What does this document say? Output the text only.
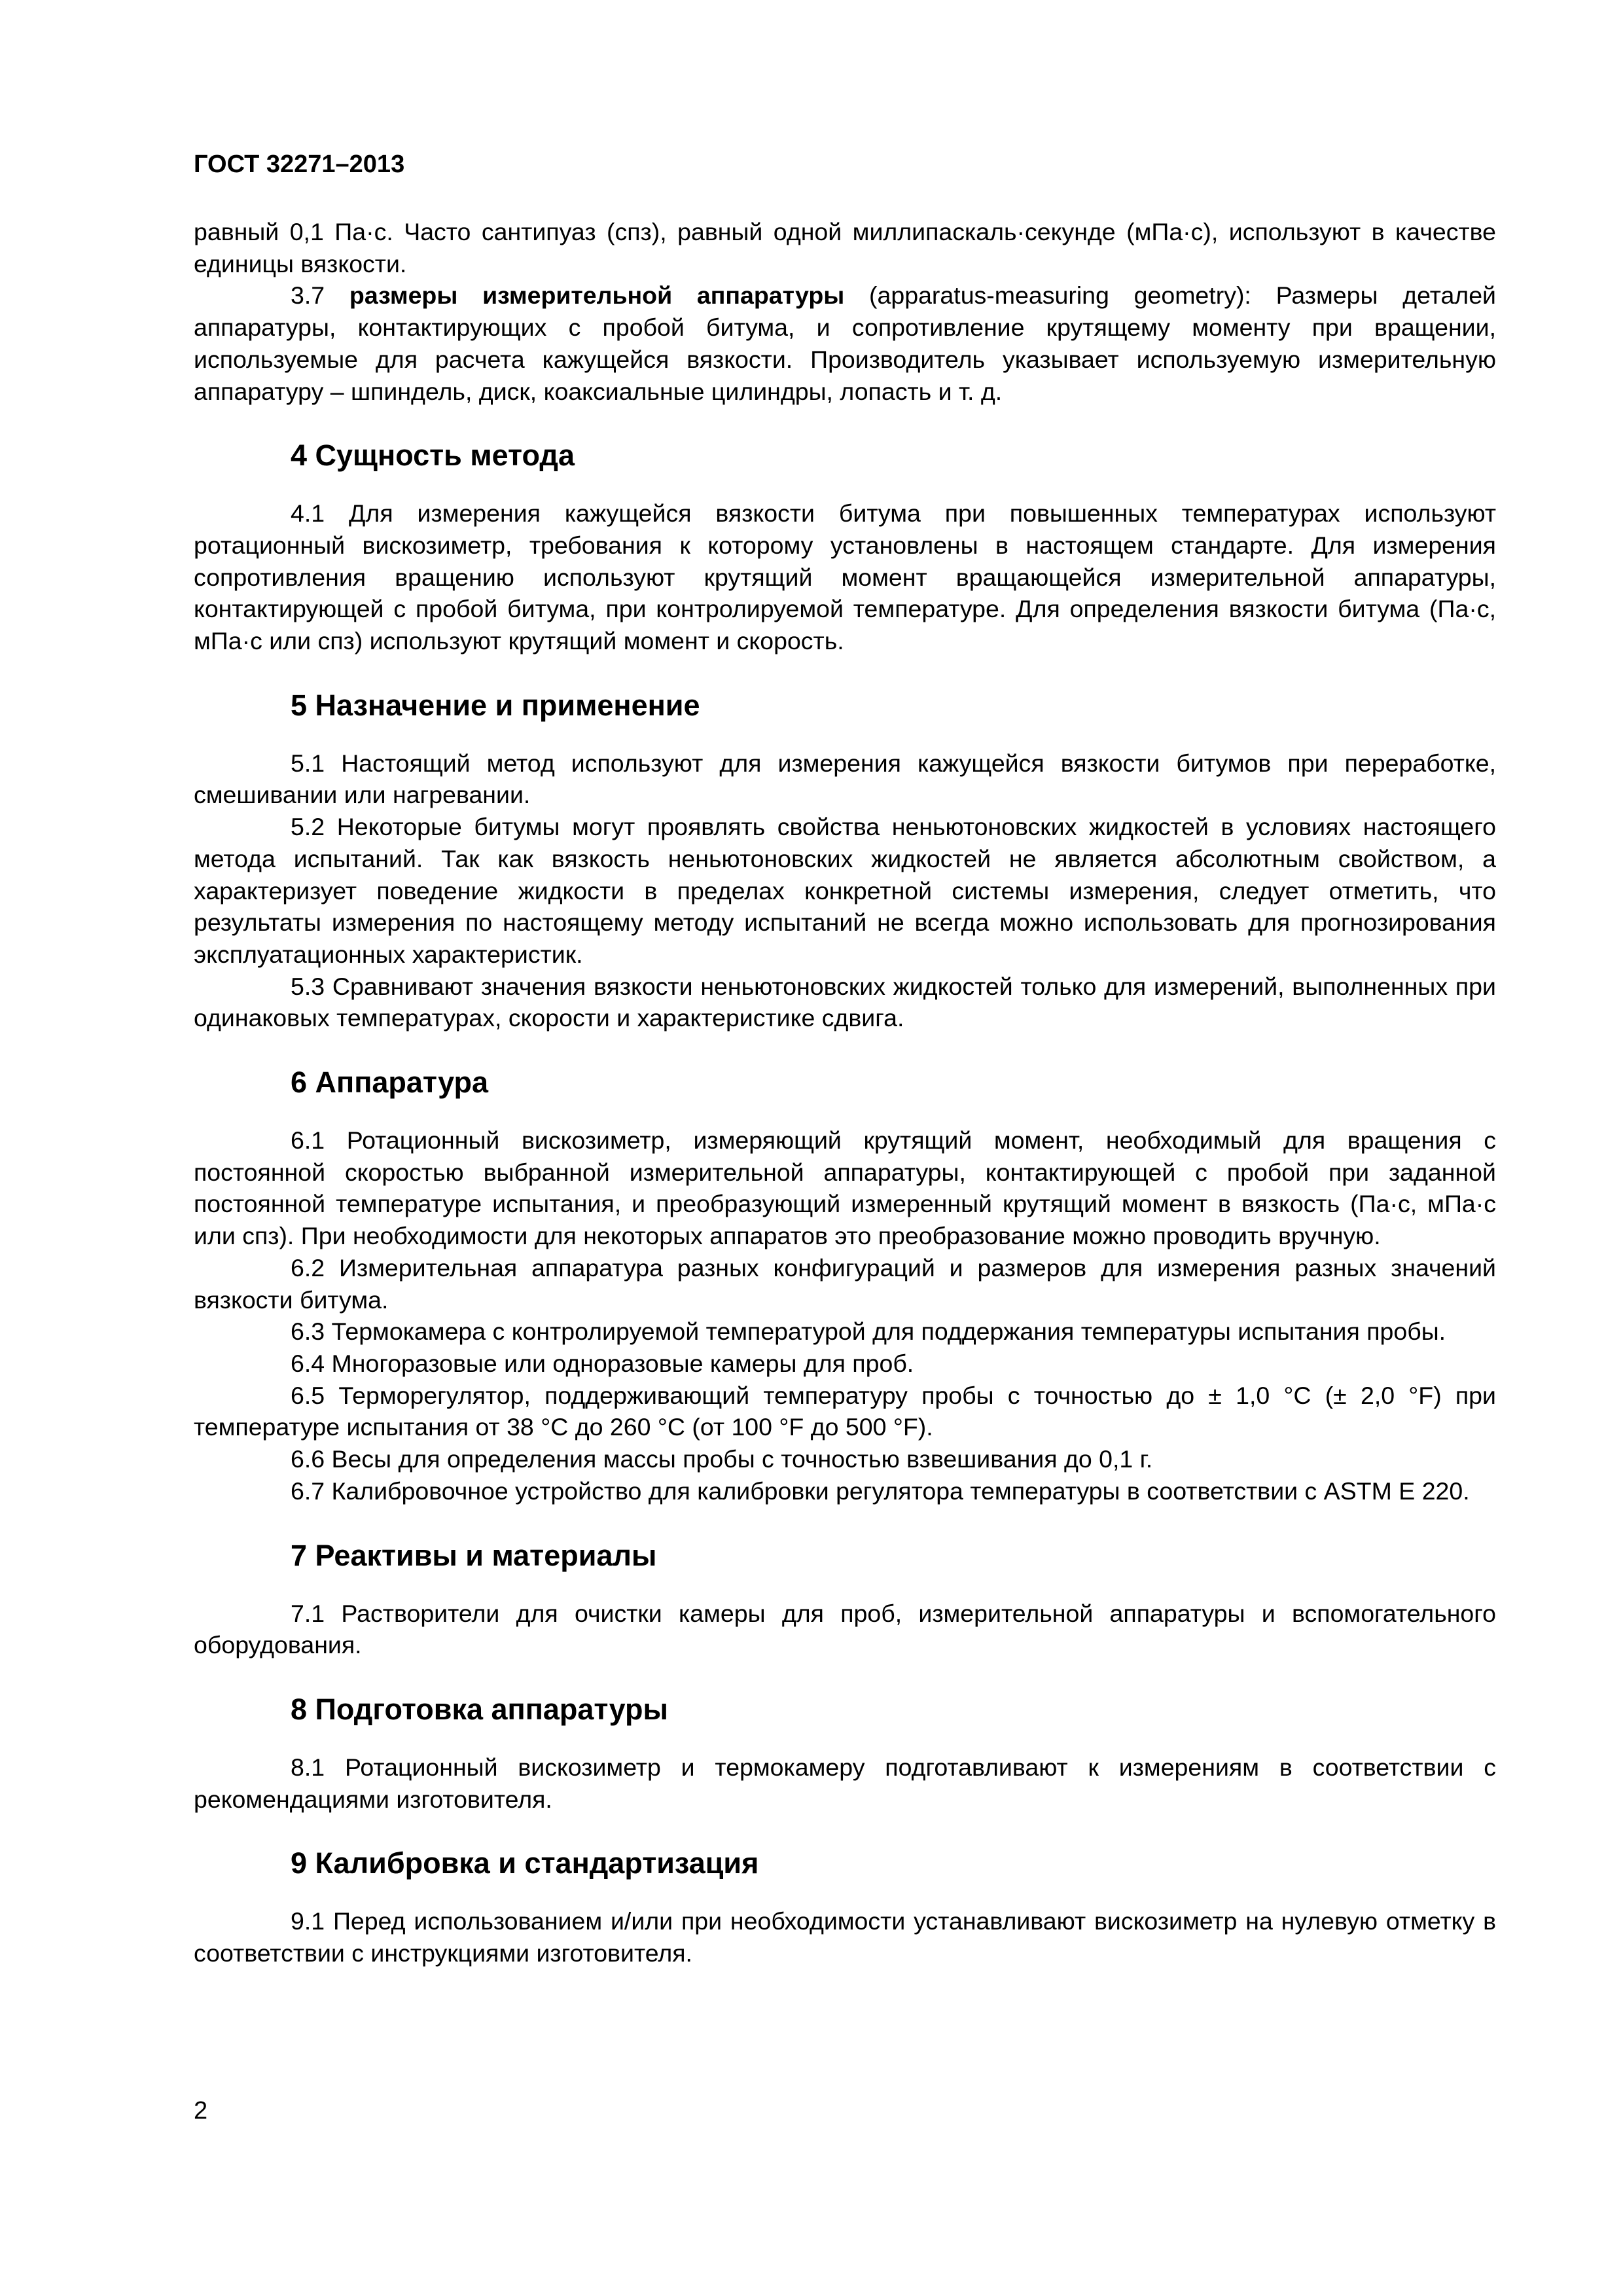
ГОСТ 32271–2013

равный 0,1 Па·с. Часто сантипуаз (спз), равный одной миллипаскаль·секунде (мПа·с), используют в качестве единицы вязкости.

3.7 размеры измерительной аппаратуры (apparatus-measuring geometry): Размеры деталей аппаратуры, контактирующих с пробой битума, и сопротивление крутящему моменту при вращении, используемые для расчета кажущейся вязкости. Производитель указывает используемую измерительную аппаратуру – шпиндель, диск, коаксиальные цилиндры, лопасть и т. д.

4 Сущность метода

4.1 Для измерения кажущейся вязкости битума при повышенных температурах используют ротационный вискозиметр, требования к которому установлены в настоящем стандарте. Для измерения сопротивления вращению используют крутящий момент вращающейся измерительной аппаратуры, контактирующей с пробой битума, при контролируемой температуре. Для определения вязкости битума (Па·с, мПа·с или спз) используют крутящий момент и скорость.

5 Назначение и применение

5.1 Настоящий метод используют для измерения кажущейся вязкости битумов при переработке, смешивании или нагревании.

5.2 Некоторые битумы могут проявлять свойства неньютоновских жидкостей в условиях настоящего метода испытаний. Так как вязкость неньютоновских жидкостей не является абсолютным свойством, а характеризует поведение жидкости в пределах конкретной системы измерения, следует отметить, что результаты измерения по настоящему методу испытаний не всегда можно использовать для прогнозирования эксплуатационных характеристик.

5.3 Сравнивают значения вязкости неньютоновских жидкостей только для измерений, выполненных при одинаковых температурах, скорости и характеристике сдвига.

6 Аппаратура

6.1 Ротационный вискозиметр, измеряющий крутящий момент, необходимый для вращения с постоянной скоростью выбранной измерительной аппаратуры, контактирующей с пробой при заданной постоянной температуре испытания, и преобразующий измеренный крутящий момент в вязкость (Па·с, мПа·с или спз). При необходимости для некоторых аппаратов это преобразование можно проводить вручную.

6.2 Измерительная аппаратура разных конфигураций и размеров для измерения разных значений вязкости битума.

6.3 Термокамера с контролируемой температурой для поддержания температуры испытания пробы.

6.4 Многоразовые или одноразовые камеры для проб.

6.5 Терморегулятор, поддерживающий температуру пробы с точностью до ± 1,0 °С (± 2,0 °F) при температуре испытания от 38 °С до 260 °С (от 100 °F до 500 °F).

6.6 Весы для определения массы пробы с точностью взвешивания до 0,1 г.

6.7 Калибровочное устройство для калибровки регулятора температуры в соответствии с ASTM E 220.

7 Реактивы и материалы

7.1 Растворители для очистки камеры для проб, измерительной аппаратуры и вспомогательного оборудования.

8 Подготовка аппаратуры

8.1 Ротационный вискозиметр и термокамеру подготавливают к измерениям в соответствии с рекомендациями изготовителя.

9 Калибровка и стандартизация

9.1 Перед использованием и/или при необходимости устанавливают вискозиметр на нулевую отметку в соответствии с инструкциями изготовителя.

2
